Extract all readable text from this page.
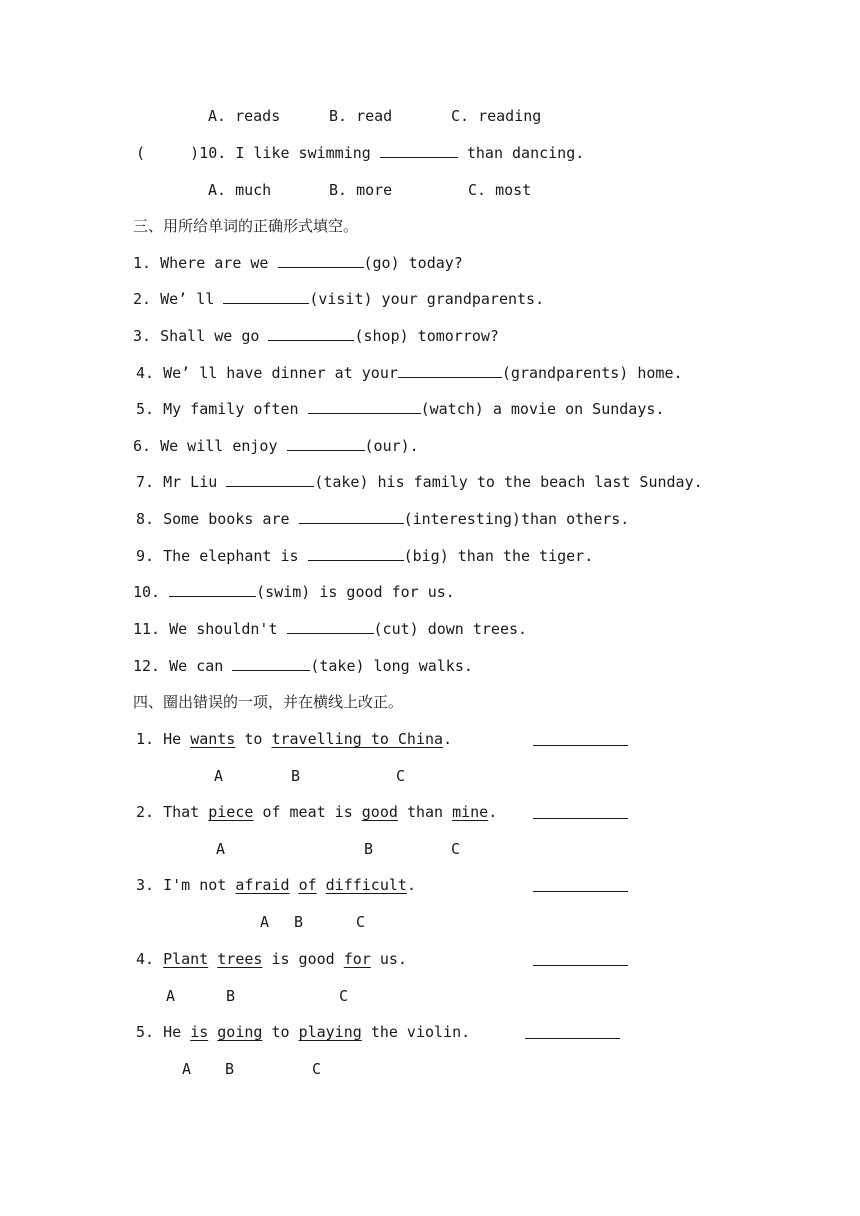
A. reads	B. read	C. reading
(     )10. I like swimming	than dancing.
A. much	B. more	C. most
三、用所给单词的正确形式填空。
1. Where are we	(go) today?
2. We’ ll	(visit) your grandparents.
3. Shall we go	(shop) tomorrow?
4. We’ ll have dinner at your	(grandparents) home.
5. My family often	(watch) a movie on Sundays.
6. We will enjoy	(our).
7. Mr Liu	(take) his family to the beach last Sunday.
8. Some books are	(interesting)than others.
9. The elephant is	(big) than the tiger.
10.	(swim) is good for us.
11. We shouldn't	(cut) down trees.
12. We can	(take) long walks.
四、圈出错误的一项，并在横线上改正。
1. He wants to travelling to China.
A	B	C
2. That piece of meat is good than mine.
A	B	C
3. I'm not afraid of difficult.
A B	C
4. Plant trees is good for us.
A	B	C
5. He is going to playing the violin.
A B	C
